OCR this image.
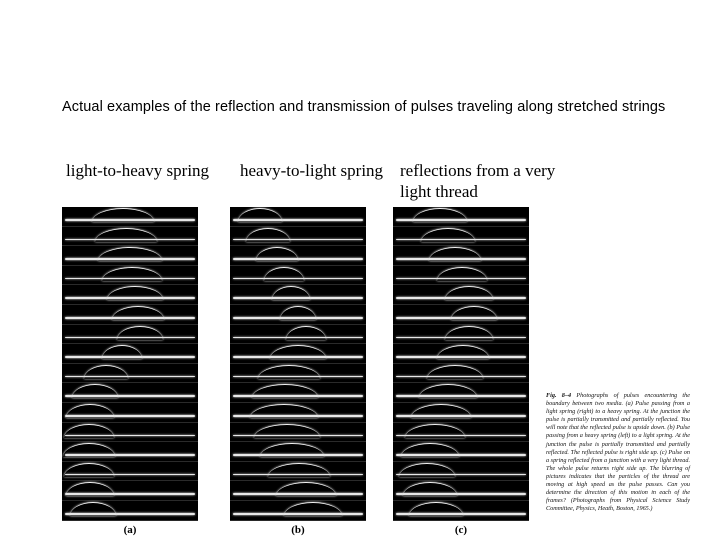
Actual examples of the reflection and transmission of pulses traveling along stretched strings
light-to-heavy spring	heavy-to-light spring reflections from a very light thread
(a)	(b)	(c)
Fig. 8–4 Photographs of pulses encountering the boundary between two media. (a) Pulse passing from a light spring (right) to a heavy spring. At the junction the pulse is partially transmitted and partially reflected. You will note that the reflected pulse is upside down. (b) Pulse passing from a heavy spring (left) to a light spring. At the junction the pulse is partially transmitted and partially reflected. The reflected pulse is right side up. (c) Pulse on a spring reflected from a junction with a very light thread. The whole pulse returns right side up. The blurring of pictures indicates that the particles of the thread are moving at high speed as the pulse passes. Can you determine the direction of this motion in each of the frames? (Photographs from Physical Science Study Committee, Physics, Heath, Boston, 1965.)
